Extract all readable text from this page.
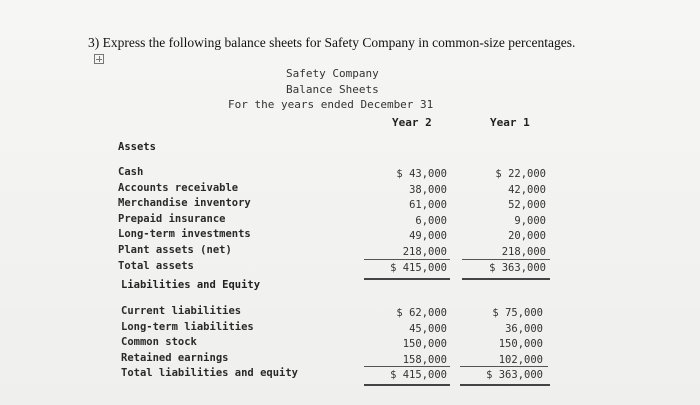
3) Express the following balance sheets for Safety Company in common-size percentages.
Safety Company
Balance Sheets
For the years ended December 31
Year 2	Year 1
Assets
Cash
Accounts receivable
Merchandise inventory
Prepaid insurance
Long-term investments
Plant assets (net)
Total assets
$ 43,000
38,000
61,000
6,000
49,000
218,000
$ 415,000
$ 22,000
42,000
52,000
9,000
20,000
218,000
$ 363,000
Liabilities and Equity
Current liabilities
Long-term liabilities
Common stock
Retained earnings
Total liabilities and equity
$ 62,000
45,000
150,000
158,000
$ 415,000
$ 75,000
36,000
150,000
102,000
$ 363,000
